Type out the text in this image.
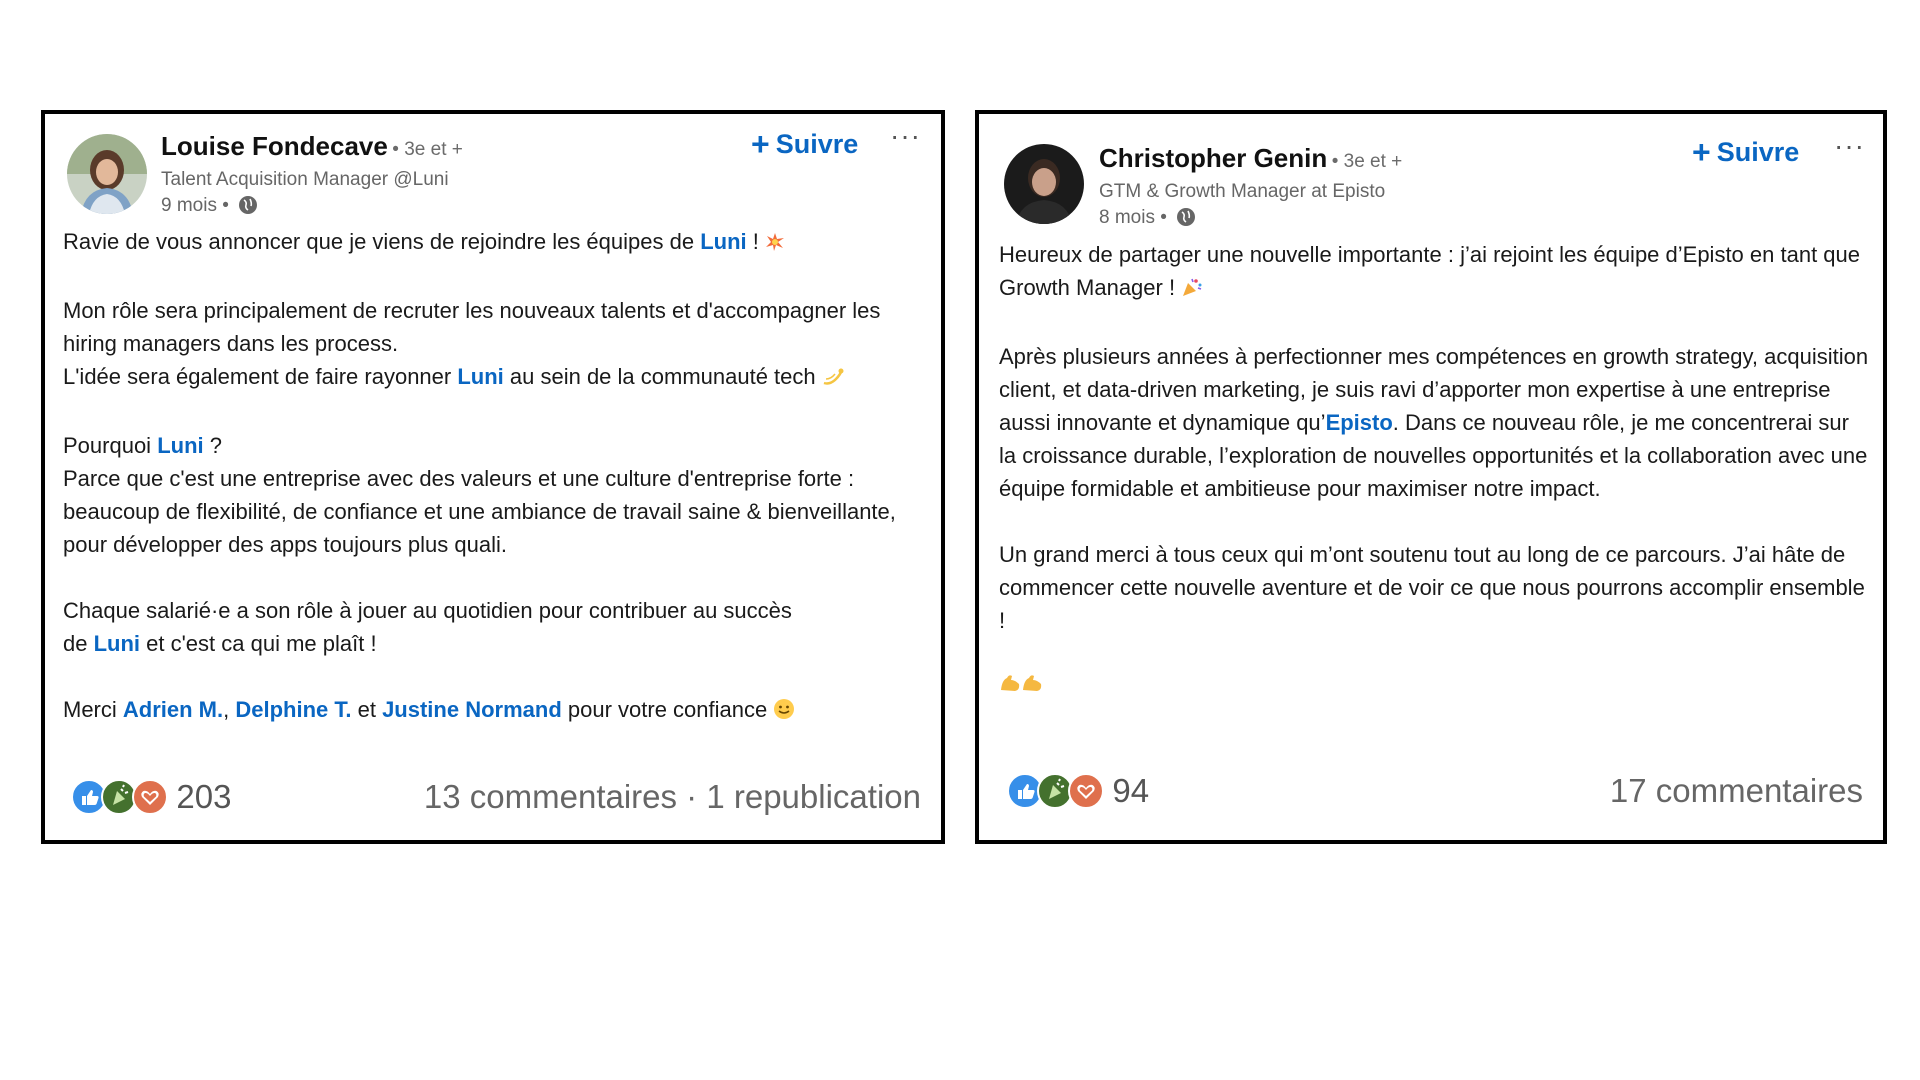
Louise Fondecave • 3e et +
Talent Acquisition Manager @Luni
9 mois •
+ Suivre ···

Ravie de vous annoncer que je viens de rejoindre les équipes de Luni !

Mon rôle sera principalement de recruter les nouveaux talents et d'accompagner les hiring managers dans les process.

L'idée sera également de faire rayonner Luni au sein de la communauté tech

Pourquoi Luni ?

Parce que c'est une entreprise avec des valeurs et une culture d'entreprise forte : beaucoup de flexibilité, de confiance et une ambiance de travail saine & bienveillante, pour développer des apps toujours plus quali.

Chaque salarié·e a son rôle à jouer au quotidien pour contribuer au succès

de Luni et c'est ca qui me plaît !

Merci Adrien M., Delphine T. et Justine Normand pour votre confiance

203	13 commentaires · 1 republication
Christopher Genin • 3e et +
GTM & Growth Manager at Episto
8 mois •
+ Suivre ···

Heureux de partager une nouvelle importante : j’ai rejoint les équipe d’Episto en tant que Growth Manager !

Après plusieurs années à perfectionner mes compétences en growth strategy, acquisition client, et data-driven marketing, je suis ravi d’apporter mon expertise à une entreprise aussi innovante et dynamique qu’Episto. Dans ce nouveau rôle, je me concentrerai sur la croissance durable, l’exploration de nouvelles opportunités et la collaboration avec une équipe formidable et ambitieuse pour maximiser notre impact.

Un grand merci à tous ceux qui m’ont soutenu tout au long de ce parcours. J’ai hâte de commencer cette nouvelle aventure et de voir ce que nous pourrons accomplir ensemble !

94	17 commentaires
